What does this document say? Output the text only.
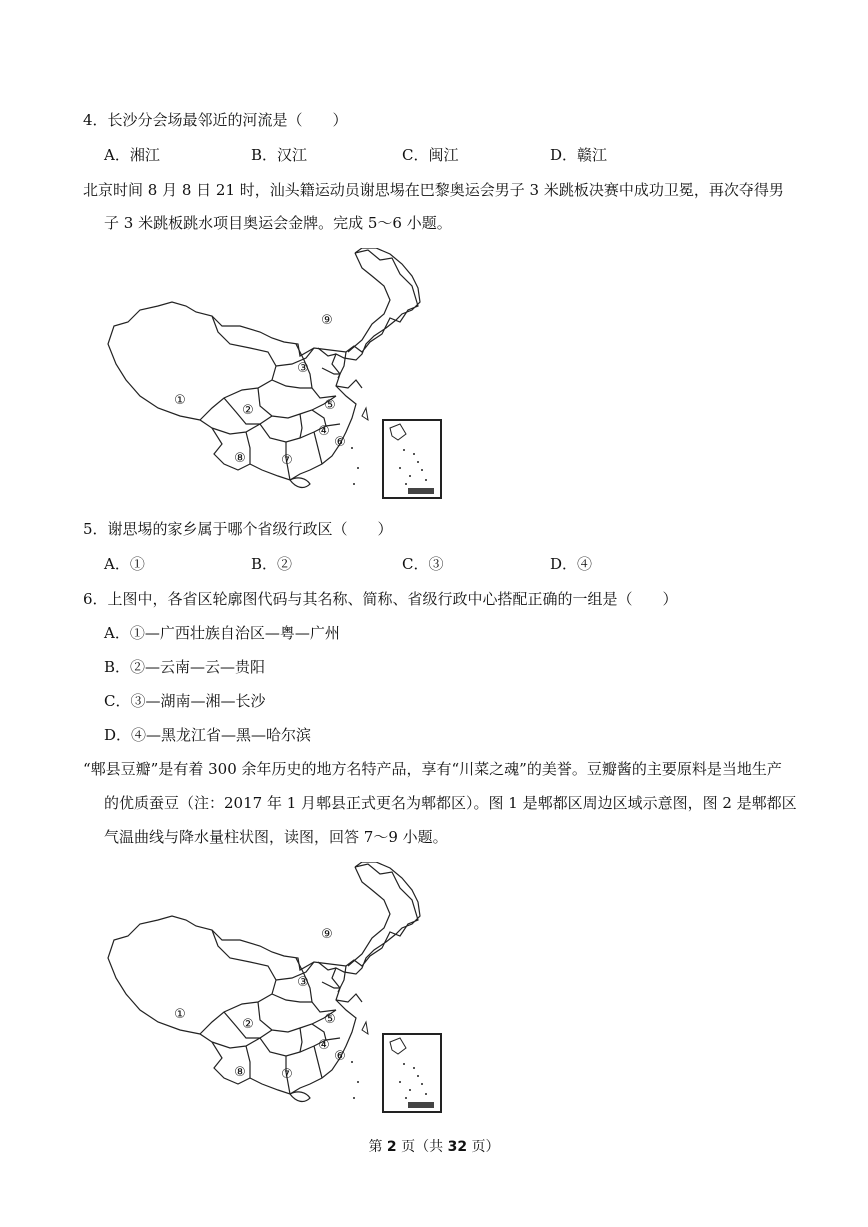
4．长沙分会场最邻近的河流是（　　）
A．湘江	B．汉江	C．闽江	D．赣江
北京时间 8 月 8 日 21 时，汕头籍运动员谢思埸在巴黎奥运会男子 3 米跳板决赛中成功卫冕，再次夺得男
子 3 米跳板跳水项目奥运会金牌。完成 5～6 小题。
①
②
③
④
⑤
⑥
⑦
⑧
⑨
5．谢思埸的家乡属于哪个省级行政区（　　）
A．①	B．②	C．③	D．④
6．上图中，各省区轮廓图代码与其名称、简称、省级行政中心搭配正确的一组是（　　）
A．①—广西壮族自治区—粤—广州
B．②—云南—云—贵阳
C．③—湖南—湘—长沙
D．④—黑龙江省—黑—哈尔滨
“郫县豆瓣”是有着 300 余年历史的地方名特产品，享有“川菜之魂”的美誉。豆瓣酱的主要原料是当地生产
的优质蚕豆（注：2017 年 1 月郫县正式更名为郫都区）。图 1 是郫都区周边区域示意图，图 2 是郫都区
气温曲线与降水量柱状图，读图，回答 7～9 小题。
①
②
③
④
⑤
⑥
⑦
⑧
⑨
第 2 页（共 32 页）
